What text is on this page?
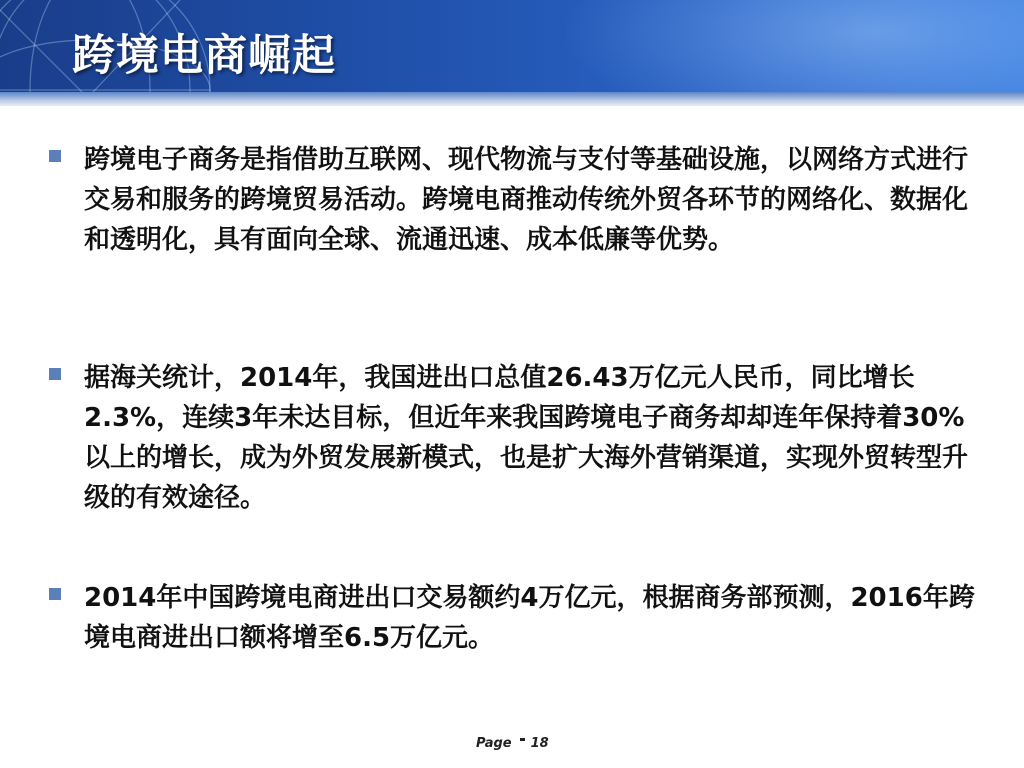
跨境电商崛起
跨境电子商务是指借助互联网、现代物流与支付等基础设施，以网络方式进行交易和服务的跨境贸易活动。跨境电商推动传统外贸各环节的网络化、数据化和透明化，具有面向全球、流通迅速、成本低廉等优势。
据海关统计，2014年，我国进出口总值26.43万亿元人民币，同比增长2.3%，连续3年未达目标，但近年来我国跨境电子商务却却连年保持着30%以上的增长，成为外贸发展新模式，也是扩大海外营销渠道，实现外贸转型升级的有效途径。
2014年中国跨境电商进出口交易额约4万亿元，根据商务部预测，2016年跨境电商进出口额将增至6.5万亿元。
Page 18
